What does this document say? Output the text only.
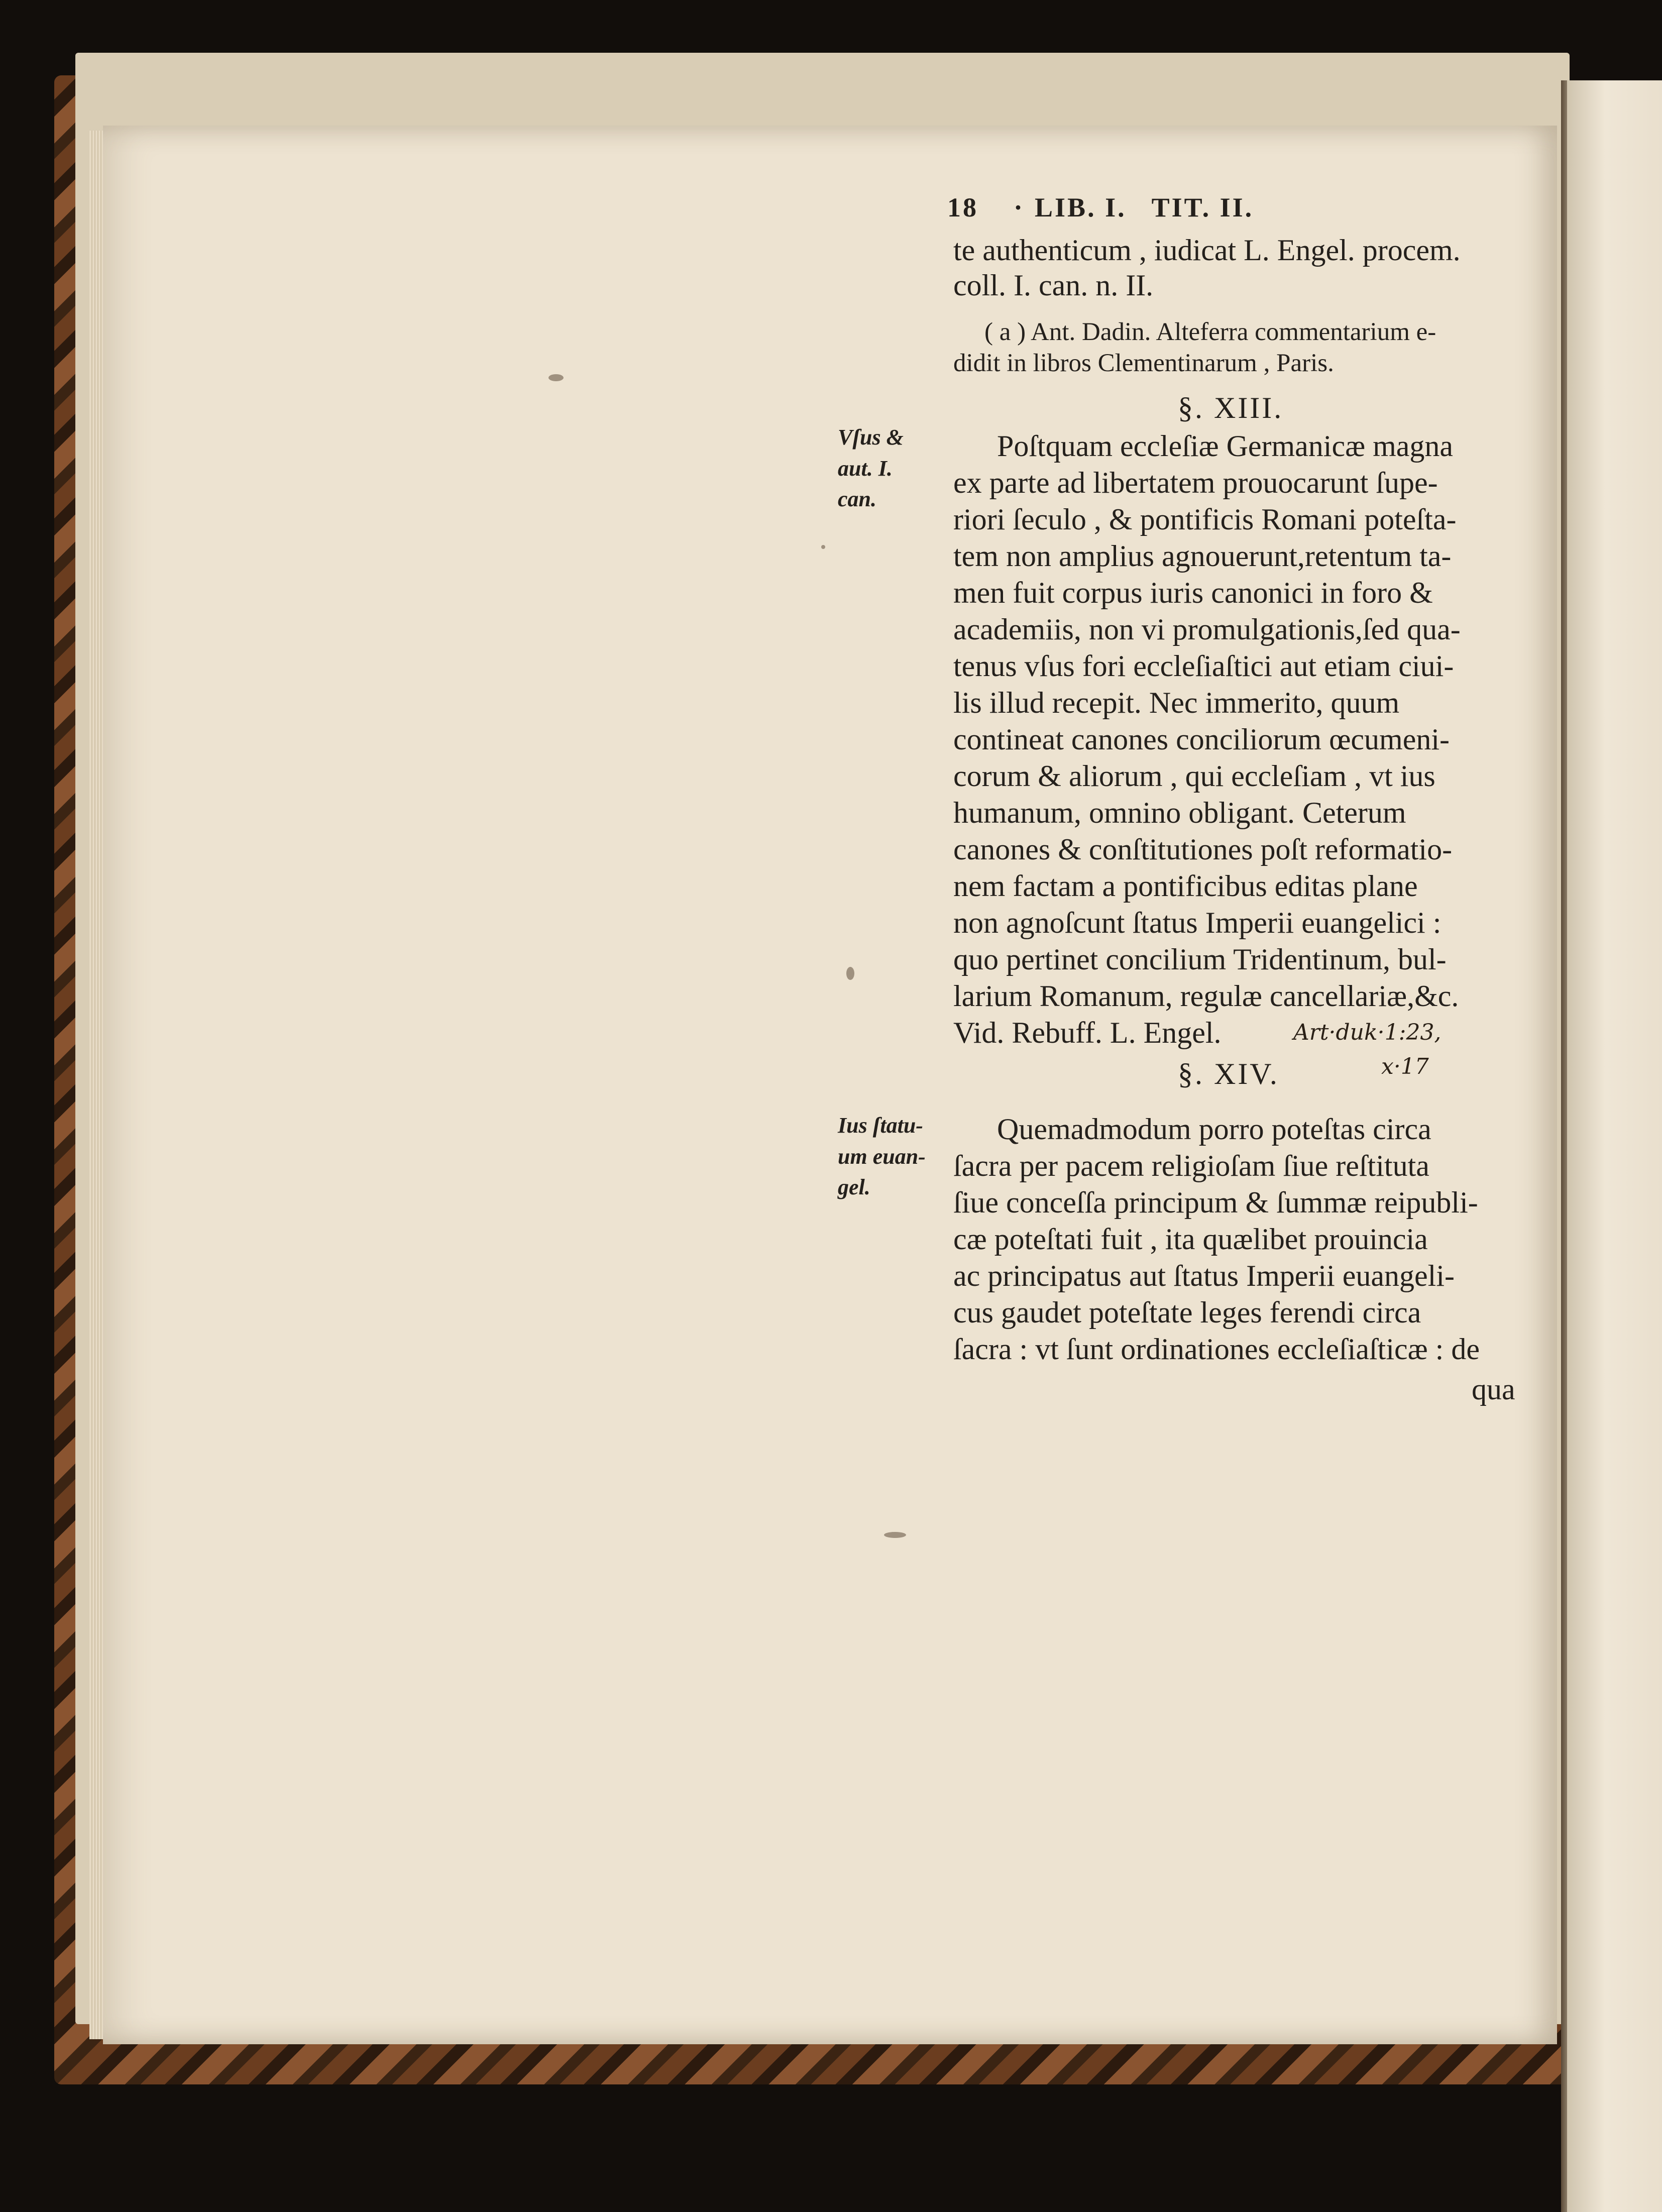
18 · LIB. I. TIT. II.
te authenticum , iudicat L. Engel. procem.
coll. I. can. n. II.
( a ) Ant. Dadin. Alteferra commentarium e-
didit in libros Clementinarum , Paris.
§. XIII.
Vſus &
aut. I.
can.
Poſtquam eccleſiæ Germanicæ magna
ex parte ad libertatem prouocarunt ſupe-
riori ſeculo , & pontificis Romani poteſta-
tem non amplius agnouerunt,retentum ta-
men fuit corpus iuris canonici in foro &
academiis, non vi promulgationis,ſed qua-
tenus vſus fori eccleſiaſtici aut etiam ciui-
lis illud recepit. Nec immerito, quum
contineat canones conciliorum œcumeni-
corum & aliorum , qui eccleſiam , vt ius
humanum, omnino obligant. Ceterum
canones & conſtitutiones poſt reformatio-
nem factam a pontificibus editas plane
non agnoſcunt ſtatus Imperii euangelici :
quo pertinet concilium Tridentinum, bul-
larium Romanum, regulæ cancellariæ,&c.
Vid. Rebuff. L. Engel.	Art·duk·1:23,
§. XIV.	x·17
Ius ſtatu-
um euan-
gel.
Quemadmodum porro poteſtas circa
ſacra per pacem religioſam ſiue reſtituta
ſiue conceſſa principum & ſummæ reipubli-
cæ poteſtati fuit , ita quælibet prouincia
ac principatus aut ſtatus Imperii euangeli-
cus gaudet poteſtate leges ferendi circa
ſacra : vt ſunt ordinationes eccleſiaſticæ : de
qua
